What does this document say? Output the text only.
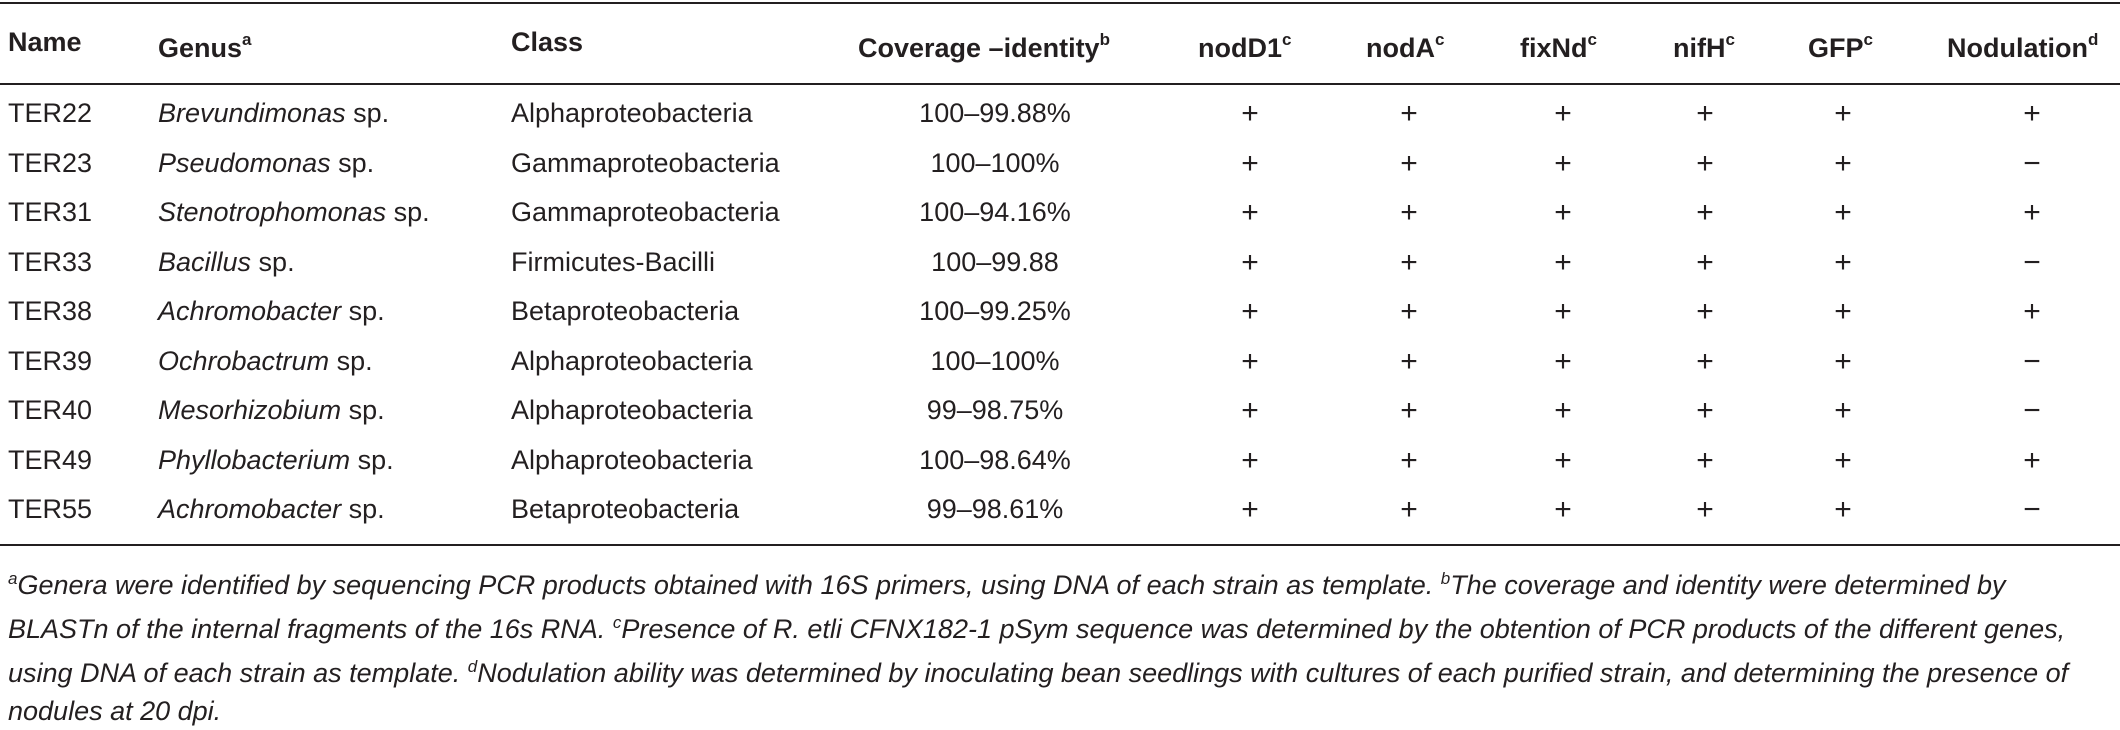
Name	Genus$^a$	Class	Coverage –identity$^b$	nodD1$^c$	nodA$^c$	fixNd$^c$	nifH$^c$	GFP$^c$	Nodulation$^d$
TER22	Brevundimonas sp.	Alphaproteobacteria	100–99.88%	+	+	+	+	+	+
TER23	Pseudomonas sp.	Gammaproteobacteria	100–100%	+	+	+	+	+	−
TER31	Stenotrophomonas sp.	Gammaproteobacteria	100–94.16%	+	+	+	+	+	+
TER33	Bacillus sp.	Firmicutes-Bacilli	100–99.88	+	+	+	+	+	−
TER38	Achromobacter sp.	Betaproteobacteria	100–99.25%	+	+	+	+	+	+
TER39	Ochrobactrum sp.	Alphaproteobacteria	100–100%	+	+	+	+	+	−
TER40	Mesorhizobium sp.	Alphaproteobacteria	99–98.75%	+	+	+	+	+	−
TER49	Phyllobacterium sp.	Alphaproteobacteria	100–98.64%	+	+	+	+	+	+
TER55	Achromobacter sp.	Betaproteobacteria	99–98.61%	+	+	+	+	+	−
$^a$Genera were identified by sequencing PCR products obtained with 16S primers, using DNA of each strain as template. $^b$The coverage and identity were determined by BLASTn of the internal fragments of the 16s RNA. $^c$Presence of R. etli CFNX182-1 pSym sequence was determined by the obtention of PCR products of the different genes, using DNA of each strain as template. $^d$Nodulation ability was determined by inoculating bean seedlings with cultures of each purified strain, and determining the presence of nodules at 20 dpi.
